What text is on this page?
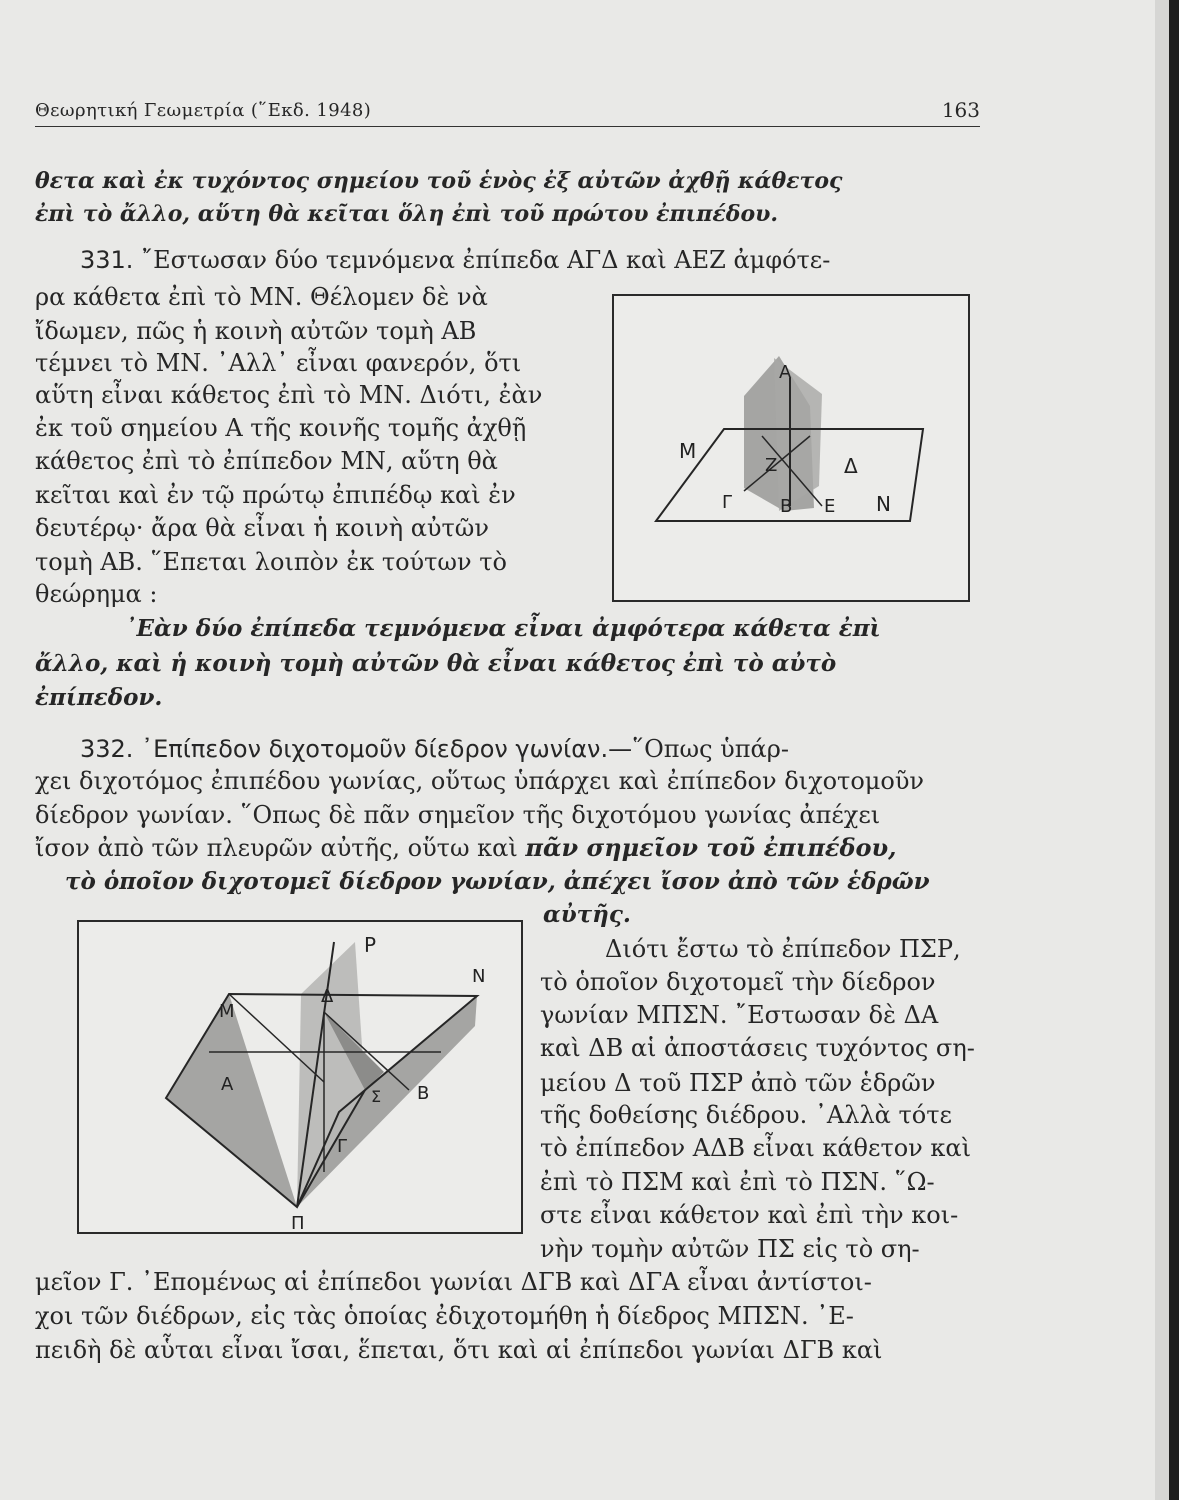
Θεωρητική Γεωμετρία (῞Εκδ. 1948)	163
θετα καὶ ἐκ τυχόντος σημείου τοῦ ἑνὸς ἐξ αὐτῶν ἀχθῇ κάθετος
ἐπὶ τὸ ἄλλο, αὕτη θὰ κεῖται ὅλη ἐπὶ τοῦ πρώτου ἐπιπέδου.
331. ῎Εστωσαν δύο τεμνόμενα ἐπίπεδα ΑΓΔ καὶ ΑΕΖ ἀμφότε-
ρα κάθετα ἐπὶ τὸ ΜΝ. Θέλομεν δὲ νὰ
ἴδωμεν, πῶς ἡ κοινὴ αὐτῶν τομὴ ΑΒ
τέμνει τὸ ΜΝ. ᾿Αλλ᾿ εἶναι φανερόν, ὅτι
αὕτη εἶναι κάθετος ἐπὶ τὸ ΜΝ. Διότι, ἐὰν
ἐκ τοῦ σημείου Α τῆς κοινῆς τομῆς ἀχθῇ
κάθετος ἐπὶ τὸ ἐπίπεδον ΜΝ, αὕτη θὰ
κεῖται καὶ ἐν τῷ πρώτῳ ἐπιπέδῳ καὶ ἐν
δευτέρῳ· ἄρα θὰ εἶναι ἡ κοινὴ αὐτῶν
τομὴ ΑΒ. ῞Επεται λοιπὸν ἐκ τούτων τὸ
θεώρημα :
Α
Μ
Ζ	Δ
Γ	Β Ε Ν
᾿Εὰν δύο ἐπίπεδα τεμνόμενα εἶναι ἀμφότερα κάθετα ἐπὶ
ἄλλο, καὶ ἡ κοινὴ τομὴ αὐτῶν θὰ εἶναι κάθετος ἐπὶ τὸ αὐτὸ
ἐπίπεδον.
332. ᾿Επίπεδον διχοτομοῦν δίεδρον γωνίαν.—῞Οπως ὑπάρ-
χει διχοτόμος ἐπιπέδου γωνίας, οὕτως ὑπάρχει καὶ ἐπίπεδον διχοτομοῦν
δίεδρον γωνίαν. ῞Οπως δὲ πᾶν σημεῖον τῆς διχοτόμου γωνίας ἀπέχει
ἴσον ἀπὸ τῶν πλευρῶν αὐτῆς, οὕτω καὶ πᾶν σημεῖον τοῦ ἐπιπέδου,
τὸ ὁποῖον διχοτομεῖ δίεδρον γωνίαν, ἀπέχει ἴσον ἀπὸ τῶν ἑδρῶν
αὐτῆς.
Ρ
Ν
Μ
Δ
Α
Σ Β
Γ
Π
Διότι ἔστω τὸ ἐπίπεδον ΠΣΡ,
τὸ ὁποῖον διχοτομεῖ τὴν δίεδρον
γωνίαν ΜΠΣΝ. ῎Εστωσαν δὲ ΔΑ
καὶ ΔΒ αἱ ἀποστάσεις τυχόντος ση-
μείου Δ τοῦ ΠΣΡ ἀπὸ τῶν ἑδρῶν
τῆς δοθείσης διέδρου. ᾿Αλλὰ τότε
τὸ ἐπίπεδον ΑΔΒ εἶναι κάθετον καὶ
ἐπὶ τὸ ΠΣΜ καὶ ἐπὶ τὸ ΠΣΝ. ῞Ω-
στε εἶναι κάθετον καὶ ἐπὶ τὴν κοι-
νὴν τομὴν αὐτῶν ΠΣ εἰς τὸ ση-
μεῖον Γ. ᾿Επομένως αἱ ἐπίπεδοι γωνίαι ΔΓΒ καὶ ΔΓΑ εἶναι ἀντίστοι-
χοι τῶν διέδρων, εἰς τὰς ὁποίας ἐδιχοτομήθη ἡ δίεδρος ΜΠΣΝ. ᾿Ε-
πειδὴ δὲ αὗται εἶναι ἴσαι, ἕπεται, ὅτι καὶ αἱ ἐπίπεδοι γωνίαι ΔΓΒ καὶ
